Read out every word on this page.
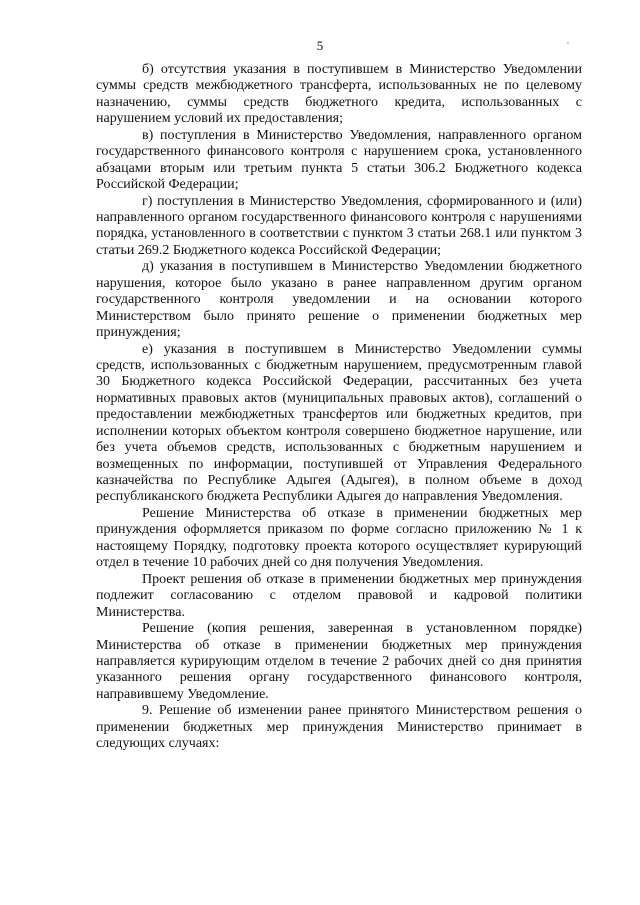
,
5

б) отсутствия указания в поступившем в Министерство Уведомлении суммы средств межбюджетного трансферта, использованных не по целевому назначению, суммы средств бюджетного кредита, использованных с нарушением условий их предоставления;

в) поступления в Министерство Уведомления, направленного органом государственного финансового контроля с нарушением срока, установленного абзацами вторым или третьим пункта 5 статьи 306.2 Бюджетного кодекса Российской Федерации;

г) поступления в Министерство Уведомления, сформированного и (или) направленного органом государственного финансового контроля с нарушениями порядка, установленного в соответствии с пунктом 3 статьи 268.1 или пунктом 3 статьи 269.2 Бюджетного кодекса Российской Федерации;

д) указания в поступившем в Министерство Уведомлении бюджетного нарушения, которое было указано в ранее направленном другим органом государственного контроля уведомлении и на основании которого Министерством было принято решение о применении бюджетных мер принуждения;

е) указания в поступившем в Министерство Уведомлении суммы средств, использованных с бюджетным нарушением, предусмотренным главой 30 Бюджетного кодекса Российской Федерации, рассчитанных без учета нормативных правовых актов (муниципальных правовых актов), соглашений о предоставлении межбюджетных трансфертов или бюджетных кредитов, при исполнении которых объектом контроля совершено бюджетное нарушение, или без учета объемов средств, использованных с бюджетным нарушением и возмещенных по информации, поступившей от Управления Федерального казначейства по Республике Адыгея (Адыгея), в полном объеме в доход республиканского бюджета Республики Адыгея до направления Уведомления.

Решение Министерства об отказе в применении бюджетных мер принуждения оформляется приказом по форме согласно приложению № 1 к настоящему Порядку, подготовку проекта которого осуществляет курирующий отдел в течение 10 рабочих дней со дня получения Уведомления.

Проект решения об отказе в применении бюджетных мер принуждения подлежит согласованию с отделом правовой и кадровой политики Министерства.

Решение (копия решения, заверенная в установленном порядке) Министерства об отказе в применении бюджетных мер принуждения направляется курирующим отделом в течение 2 рабочих дней со дня принятия указанного решения органу государственного финансового контроля, направившему Уведомление.

9. Решение об изменении ранее принятого Министерством решения о применении бюджетных мер принуждения Министерство принимает в следующих случаях:
